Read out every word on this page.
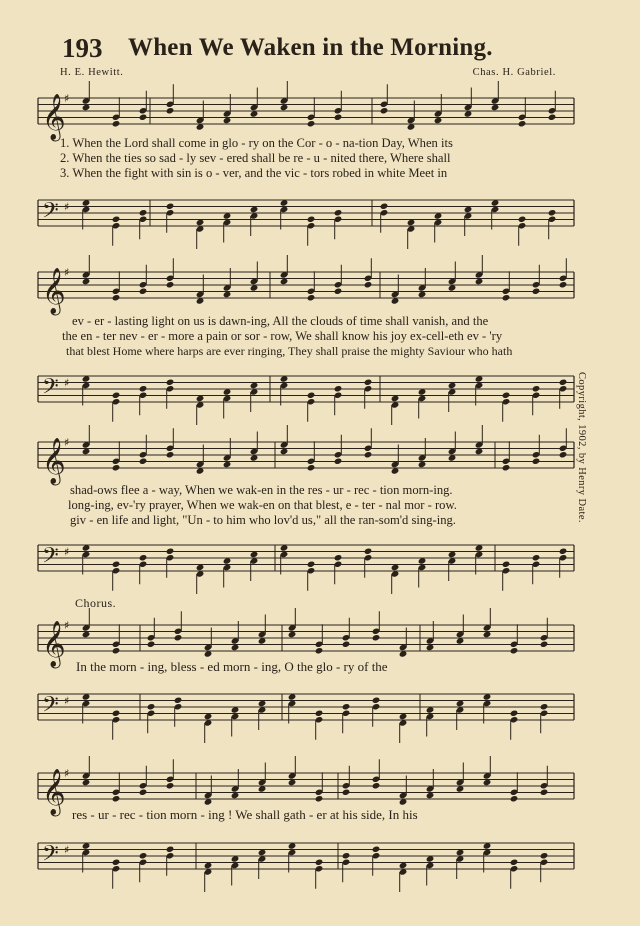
193 When We Waken in the Morning.
H. E. Hewitt.	Chas. H. Gabriel.
𝄞
♯
𝄢 ♯
1. When the Lord shall come in glo - ry on the Cor - o - na-tion Day, When its
2. When the ties so sad - ly sev - ered shall be re - u - nited there, Where shall
3. When the fight with sin is o - ver, and the vic - tors robed in white Meet in
𝄞
♯
𝄢 ♯
ev - er - lasting light on us is dawn-ing, All the clouds of time shall vanish, and the
the en - ter nev - er - more a pain or sor - row, We shall know his joy ex-cell-eth ev - 'ry
that blest Home where harps are ever ringing, They shall praise the mighty Saviour who hath
𝄞
♯
𝄢 ♯
shad-ows flee a - way, When we wak-en in the res - ur - rec - tion morn-ing.
long-ing, ev-'ry prayer, When we wak-en on that blest, e - ter - nal mor - row.
giv - en life and light, "Un - to him who lov'd us," all the ran-som'd sing-ing.
Chorus.
𝄞
♯
In the morn - ing, bless - ed morn - ing, O the glo - ry of the
𝄢 ♯
𝄞
♯
res - ur - rec - tion morn - ing ! We shall gath - er at his side, In his
𝄢 ♯
Copyright, 1902, by Henry Date.
